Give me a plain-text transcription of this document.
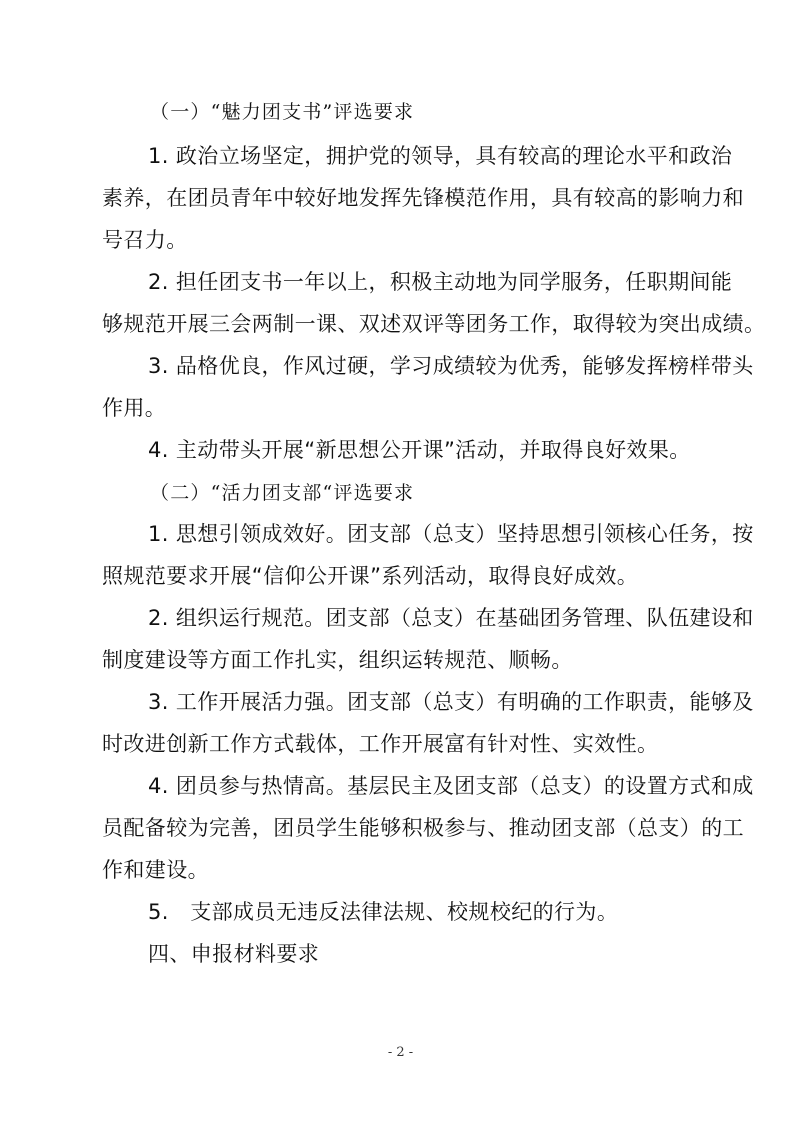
（一）“魅力团支书”评选要求
1. 政治立场坚定，拥护党的领导，具有较高的理论水平和政治
素养，在团员青年中较好地发挥先锋模范作用，具有较高的影响力和
号召力。
2. 担任团支书一年以上，积极主动地为同学服务，任职期间能
够规范开展三会两制一课、双述双评等团务工作，取得较为突出成绩。
3. 品格优良，作风过硬，学习成绩较为优秀，能够发挥榜样带头
作用。
4. 主动带头开展“新思想公开课”活动，并取得良好效果。
（二）“活力团支部“评选要求
1. 思想引领成效好。团支部（总支）坚持思想引领核心任务，按
照规范要求开展“信仰公开课”系列活动，取得良好成效。
2. 组织运行规范。团支部（总支）在基础团务管理、队伍建设和
制度建设等方面工作扎实，组织运转规范、顺畅。
3. 工作开展活力强。团支部（总支）有明确的工作职责，能够及
时改进创新工作方式载体，工作开展富有针对性、实效性。
4. 团员参与热情高。基层民主及团支部（总支）的设置方式和成
员配备较为完善，团员学生能够积极参与、推动团支部（总支）的工
作和建设。
5.　支部成员无违反法律法规、校规校纪的行为。
四、申报材料要求
- 2 -
